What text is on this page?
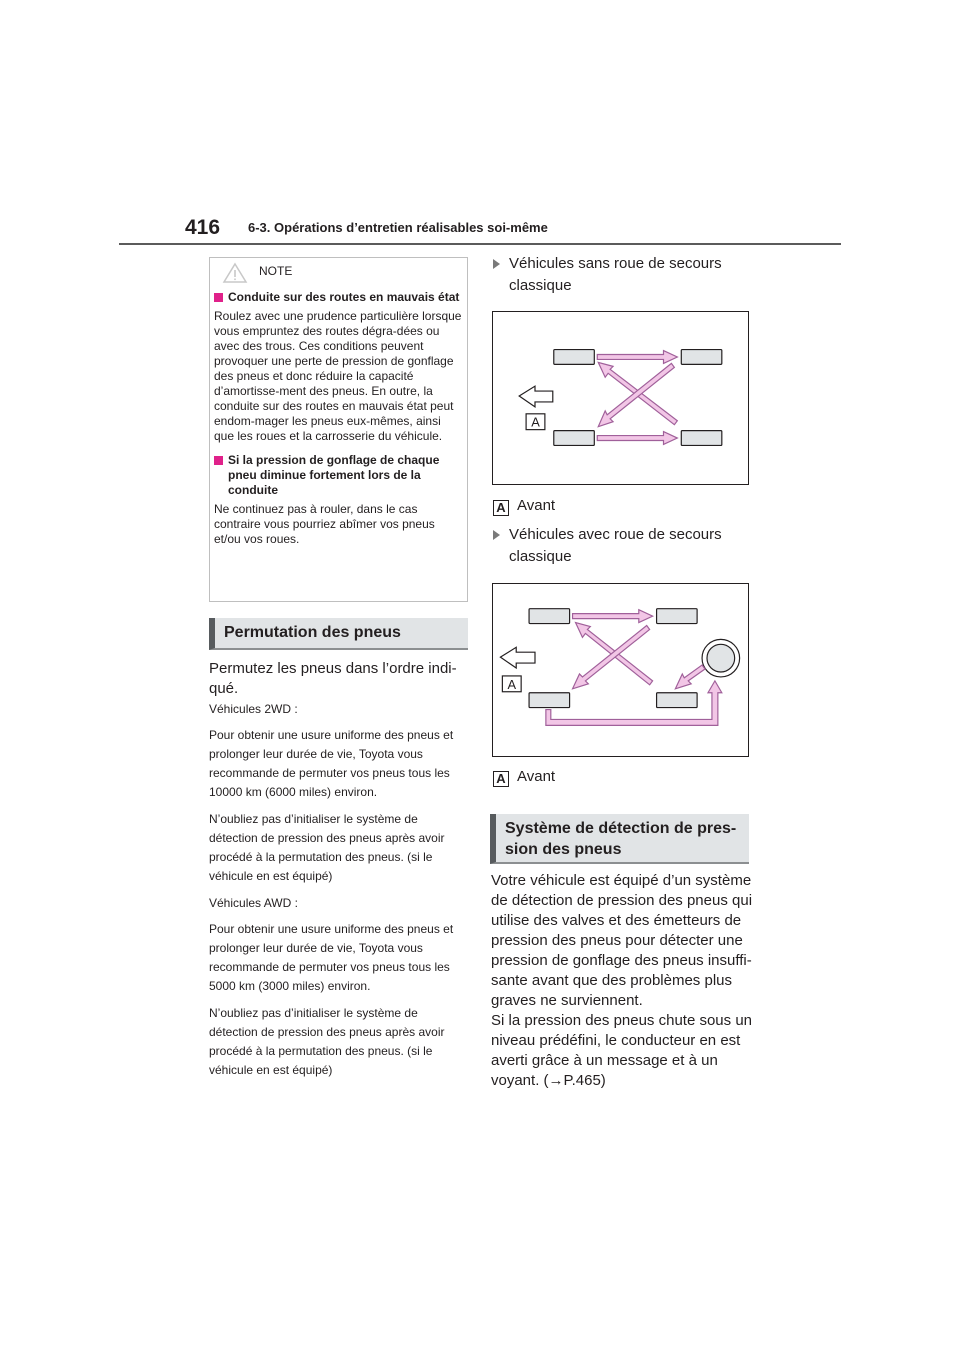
416 6-3. Opérations d’entretien réalisables soi-même
NOTE
Conduite sur des routes en mauvais état
Roulez avec une prudence particulière lorsque vous empruntez des routes dégra-dées ou avec des trous. Ces conditions peuvent provoquer une perte de pression de gonflage des pneus et donc réduire la capacité d’amortisse-ment des pneus. En outre, la conduite sur des routes en mauvais état peut endom-mager les pneus eux-mêmes, ainsi que les roues et la carrosserie du véhicule.
Si la pression de gonflage de chaque pneu diminue fortement lors de la conduite
Ne continuez pas à rouler, dans le cas contraire vous pourriez abîmer vos pneus et/ou vos roues.
Permutation des pneus
Permutez les pneus dans l’ordre indi-qué.
Véhicules 2WD :
Pour obtenir une usure uniforme des pneus et prolonger leur durée de vie, Toyota vous recommande de permuter vos pneus tous les 10000 km (6000 miles) environ.
N’oubliez pas d’initialiser le système de détection de pression des pneus après avoir procédé à la permutation des pneus. (si le véhicule en est équipé)
Véhicules AWD :
Pour obtenir une usure uniforme des pneus et prolonger leur durée de vie, Toyota vous recommande de permuter vos pneus tous les 5000 km (3000 miles) environ.
N’oubliez pas d’initialiser le système de détection de pression des pneus après avoir procédé à la permutation des pneus. (si le véhicule en est équipé)
Véhicules sans roue de secours classique
A
A Avant
Véhicules avec roue de secours classique
A
A Avant
Système de détection de pres-sion des pneus
Votre véhicule est équipé d’un système de détection de pression des pneus qui utilise des valves et des émetteurs de pression des pneus pour détecter une pression de gonflage des pneus insuffi-sante avant que des problèmes plus graves ne surviennent.
Si la pression des pneus chute sous un niveau prédéfini, le conducteur en est averti grâce à un message et à un voyant. (→P.465)
